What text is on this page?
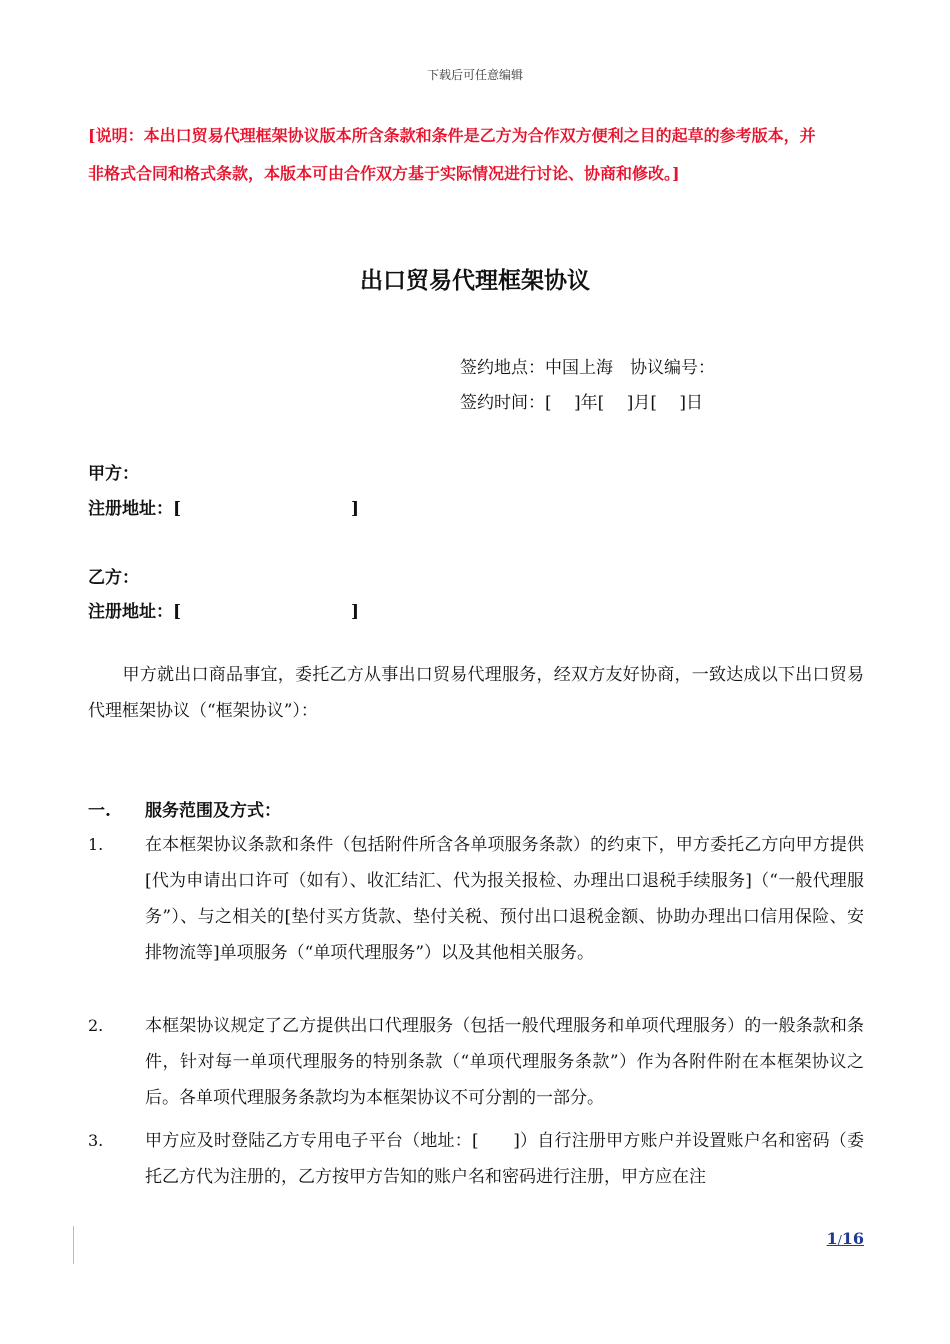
下载后可任意编辑
[说明：本出口贸易代理框架协议版本所含条款和条件是乙方为合作双方便利之目的起草的参考版本，并
非格式合同和格式条款，本版本可由合作双方基于实际情况进行讨论、协商和修改。]
出口贸易代理框架协议
签约地点：中国上海　协议编号：
签约时间：[　 ]年[　 ]月[　 ]日
甲方：
注册地址：[　　　　　　　　　　]
乙方：
注册地址：[　　　　　　　　　　]
　　甲方就出口商品事宜，委托乙方从事出口贸易代理服务，经双方友好协商，一致达成以下出口贸易代理框架协议（“框架协议”）：
一. 服务范围及方式：
1. 在本框架协议条款和条件（包括附件所含各单项服务条款）的约束下，甲方委托乙方向甲方提供[代为申请出口许可（如有）、收汇结汇、代为报关报检、办理出口退税手续服务]（“一般代理服务”）、与之相关的[垫付买方货款、垫付关税、预付出口退税金额、协助办理出口信用保险、安排物流等]单项服务（“单项代理服务”）以及其他相关服务。
2. 本框架协议规定了乙方提供出口代理服务（包括一般代理服务和单项代理服务）的一般条款和条件，针对每一单项代理服务的特别条款（“单项代理服务条款”）作为各附件附在本框架协议之后。各单项代理服务条款均为本框架协议不可分割的一部分。
3. 甲方应及时登陆乙方专用电子平台（地址：[　　]）自行注册甲方账户并设置账户名和密码（委托乙方代为注册的，乙方按甲方告知的账户名和密码进行注册，甲方应在注
1/16
